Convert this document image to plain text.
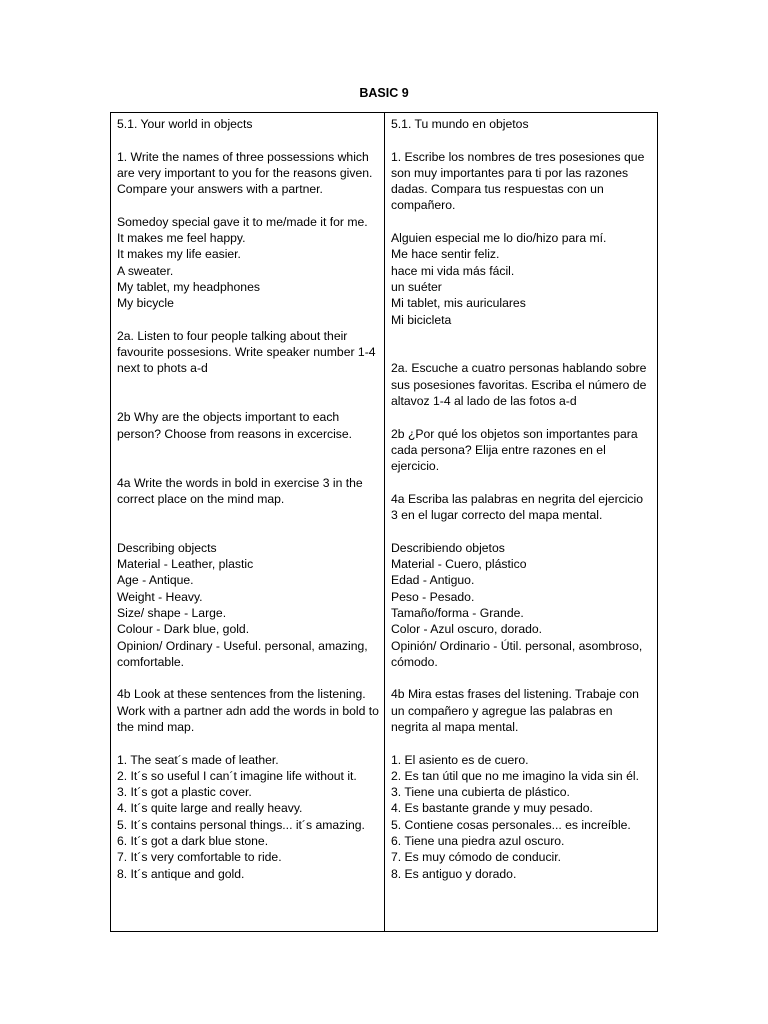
BASIC 9
5.1. Your world in objects
1. Write the names of three possessions which are very important to you for the reasons given. Compare your answers with a partner.
Somedoy special gave it to me/made it for me.
It makes me feel happy.
It makes my life easier.
A sweater.
My tablet, my headphones
My bicycle
2a. Listen to four people talking about their favourite possesions. Write speaker number 1-4 next to phots a-d
2b Why are the objects important to each person? Choose from reasons in excercise.
4a Write the words in bold in exercise 3 in the correct place on the mind map.
Describing objects
Material - Leather, plastic
Age - Antique.
Weight - Heavy.
Size/ shape - Large.
Colour - Dark blue, gold.
Opinion/ Ordinary - Useful. personal, amazing, comfortable.
4b Look at these sentences from the listening. Work with a partner adn add the words in bold to the mind map.
1. The seat´s made of leather.
2. It´s so useful I can´t imagine life without it.
3. It´s got a plastic cover.
4. It´s quite large and really heavy.
5. It´s contains personal things... it´s amazing.
6. It´s got a dark blue stone.
7. It´s very comfortable to ride.
8. It´s antique and gold.
5.1. Tu mundo en objetos
1. Escribe los nombres de tres posesiones que son muy importantes para ti por las razones dadas. Compara tus respuestas con un compañero.
Alguien especial me lo dio/hizo para mí.
Me hace sentir feliz.
hace mi vida más fácil.
un suéter
Mi tablet, mis auriculares
Mi bicicleta
2a. Escuche a cuatro personas hablando sobre sus posesiones favoritas. Escriba el número de altavoz 1-4 al lado de las fotos a-d
2b ¿Por qué los objetos son importantes para cada persona? Elija entre razones en el ejercicio.
4a Escriba las palabras en negrita del ejercicio 3 en el lugar correcto del mapa mental.
Describiendo objetos
Material - Cuero, plástico
Edad - Antiguo.
Peso - Pesado.
Tamaño/forma - Grande.
Color - Azul oscuro, dorado.
Opinión/ Ordinario - Útil. personal, asombroso, cómodo.
4b Mira estas frases del listening. Trabaje con un compañero y agregue las palabras en negrita al mapa mental.
1. El asiento es de cuero.
2. Es tan útil que no me imagino la vida sin él.
3. Tiene una cubierta de plástico.
4. Es bastante grande y muy pesado.
5. Contiene cosas personales... es increíble.
6. Tiene una piedra azul oscuro.
7. Es muy cómodo de conducir.
8. Es antiguo y dorado.
